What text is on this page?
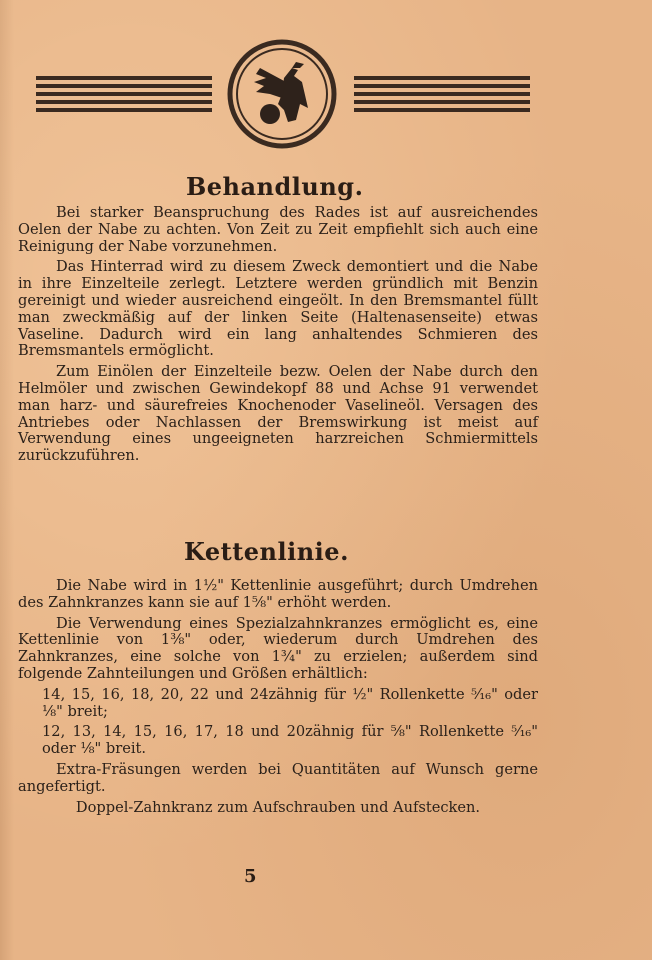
Behandlung.

Bei starker Beanspruchung des Rades ist auf ausreichendes Oelen der Nabe zu achten. Von Zeit zu Zeit empfiehlt sich auch eine Reinigung der Nabe vorzunehmen.

Das Hinterrad wird zu diesem Zweck demontiert und die Nabe in ihre Einzelteile zerlegt. Letztere werden gründlich mit Benzin gereinigt und wieder ausreichend eingeölt. In den Bremsmantel füllt man zweckmäßig auf der linken Seite (Haltenasenseite) etwas Vaseline. Dadurch wird ein lang anhaltendes Schmieren des Bremsmantels ermöglicht.

Zum Einölen der Einzelteile bezw. Oelen der Nabe durch den Helmöler und zwischen Gewindekopf 88 und Achse 91 verwendet man harz- und säurefreies Knochenoder Vaselineöl. Versagen des Antriebes oder Nachlassen der Bremswirkung ist meist auf Verwendung eines ungeeigneten harzreichen Schmiermittels zurückzuführen.

Kettenlinie.

Die Nabe wird in 1½" Kettenlinie ausgeführt; durch Umdrehen des Zahnkranzes kann sie auf 1⅝" erhöht werden.

Die Verwendung eines Spezialzahnkranzes ermöglicht es, eine Kettenlinie von 1⅜" oder, wiederum durch Umdrehen des Zahnkranzes, eine solche von 1¾" zu erzielen; außerdem sind folgende Zahnteilungen und Größen erhältlich:

14, 15, 16, 18, 20, 22 und 24zähnig für ½" Rollenkette ⁵⁄₁₆" oder ⅛" breit;

12, 13, 14, 15, 16, 17, 18 und 20zähnig für ⅝" Rollenkette ⁵⁄₁₆" oder ⅛" breit.

Extra-Fräsungen werden bei Quantitäten auf Wunsch gerne angefertigt.

Doppel-Zahnkranz zum Aufschrauben und Aufstecken.

5
